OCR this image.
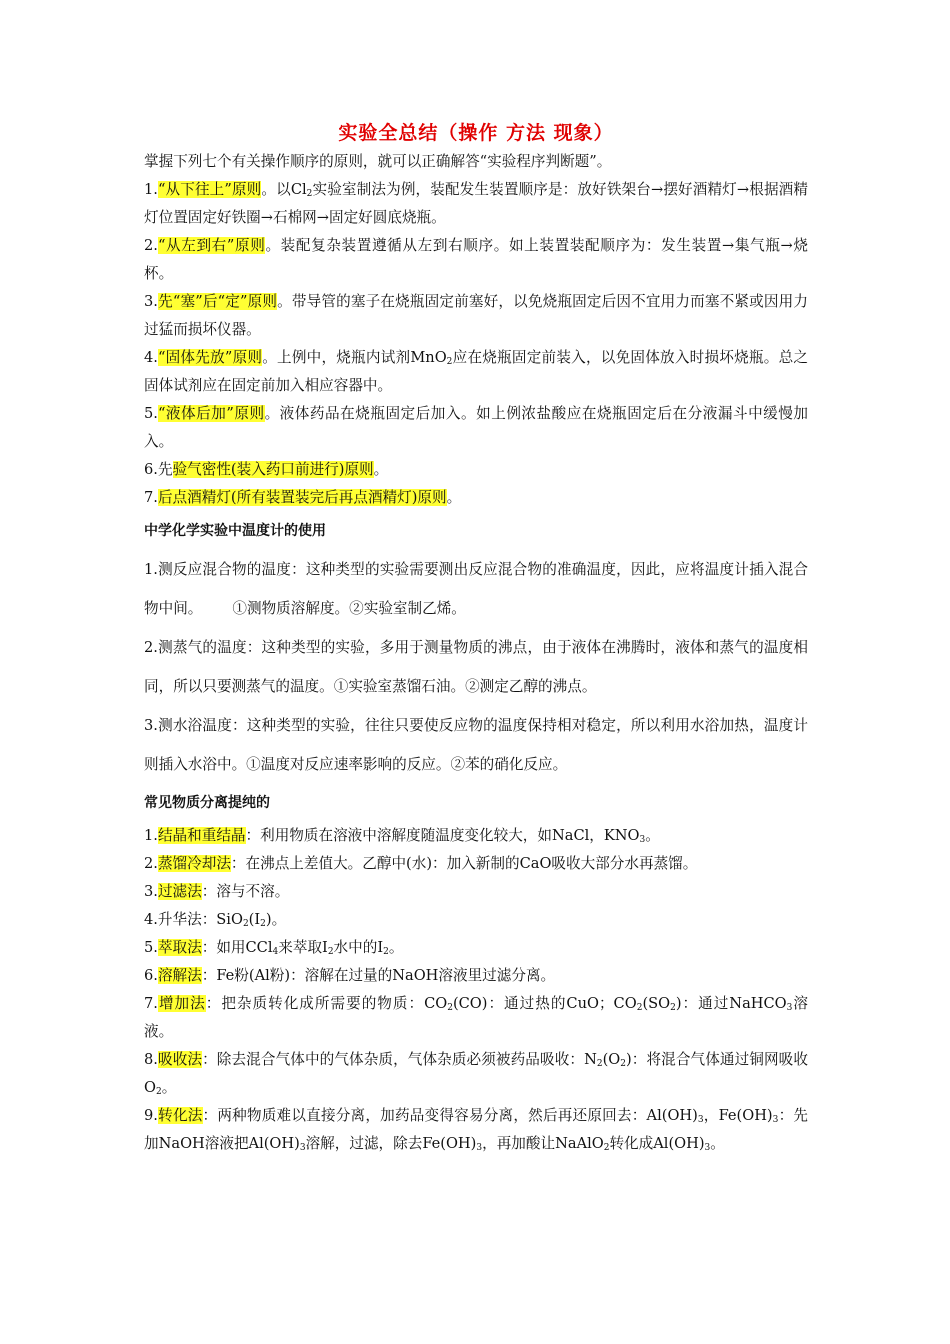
实验全总结（操作 方法 现象）

掌握下列七个有关操作顺序的原则，就可以正确解答“实验程序判断题”。

1.“从下往上”原则。以$Cl_2$实验室制法为例，装配发生装置顺序是：放好铁架台→摆好酒精灯→根据酒精灯位置固定好铁圈→石棉网→固定好圆底烧瓶。

2.“从左到右”原则。装配复杂装置遵循从左到右顺序。如上装置装配顺序为：发生装置→集气瓶→烧杯。

3.先“塞”后“定”原则。带导管的塞子在烧瓶固定前塞好，以免烧瓶固定后因不宜用力而塞不紧或因用力过猛而损坏仪器。

4.“固体先放”原则。上例中，烧瓶内试剂MnO$_2$应在烧瓶固定前装入，以免固体放入时损坏烧瓶。总之固体试剂应在固定前加入相应容器中。

5.“液体后加”原则。液体药品在烧瓶固定后加入。如上例浓盐酸应在烧瓶固定后在分液漏斗中缓慢加入。

6.先验气密性(装入药口前进行)原则。

7.后点酒精灯(所有装置装完后再点酒精灯)原则。

中学化学实验中温度计的使用

1.测反应混合物的温度：这种类型的实验需要测出反应混合物的准确温度，因此，应将温度计插入混合物中间。 ①测物质溶解度。②实验室制乙烯。

2.测蒸气的温度：这种类型的实验，多用于测量物质的沸点，由于液体在沸腾时，液体和蒸气的温度相同，所以只要测蒸气的温度。①实验室蒸馏石油。②测定乙醇的沸点。

3.测水浴温度：这种类型的实验，往往只要使反应物的温度保持相对稳定，所以利用水浴加热，温度计则插入水浴中。①温度对反应速率影响的反应。②苯的硝化反应。

常见物质分离提纯的

1.结晶和重结晶：利用物质在溶液中溶解度随温度变化较大，如NaCl，$KNO_3$。

2.蒸馏冷却法：在沸点上差值大。乙醇中(水)：加入新制的CaO吸收大部分水再蒸馏。

3.过滤法：溶与不溶。

4.升华法：$SiO_2(I_2)$。

5.萃取法：如用CCl$_4$来萃取$I_2$水中的$I_2$。

6.溶解法：Fe粉(Al粉)：溶解在过量的NaOH溶液里过滤分离。

7.增加法：把杂质转化成所需要的物质：$CO_2(CO)$：通过热的CuO；$CO_2(SO_2)$：通过NaHCO$_3$溶液。

8.吸收法：除去混合气体中的气体杂质，气体杂质必须被药品吸收：$N_2(O_2)$：将混合气体通过铜网吸收$O_2$。

9.转化法：两种物质难以直接分离，加药品变得容易分离，然后再还原回去：$Al(OH)_3$，$Fe(OH)_3$：先加NaOH溶液把$Al(OH)_3$溶解，过滤，除去$Fe(OH)_3$，再加酸让NaAlO$_2$转化成$Al(OH)_3$。
